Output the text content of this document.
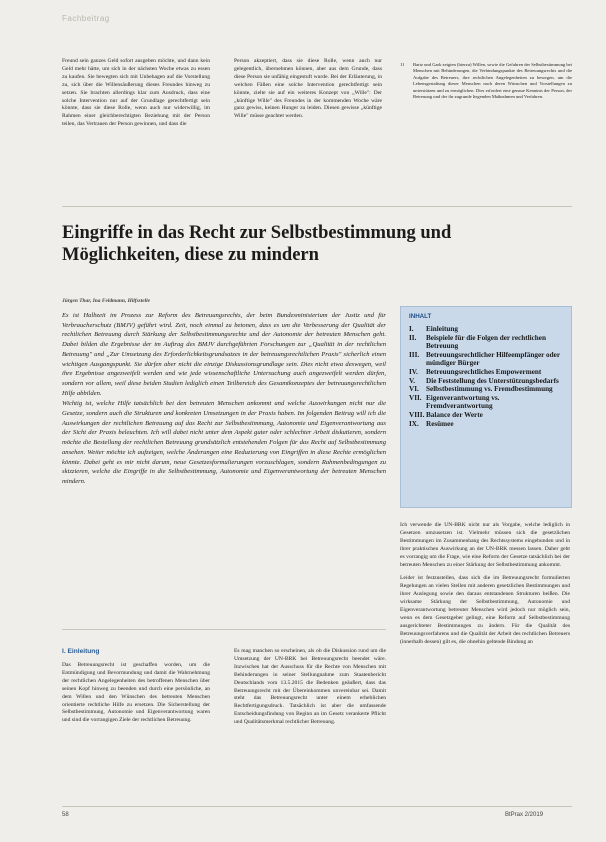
Fachbeitrag
Freund sein ganzes Geld sofort ausgeben möchte, und dann kein Geld mehr hätte, um sich in der nächsten Woche etwas zu essen zu kaufen. Sie bewegten sich mit Unbehagen auf die Vorstellung zu, sich über die Willensäußerung dieses Freundes hinweg zu setzen. Sie brachten allerdings klar zum Ausdruck, dass eine solche Intervention nur auf der Grundlage gerechtfertigt sein könnte, dass sie diese Rolle, wenn auch nur widerwillig, im Rahmen einer gleichberechtigten Beziehung mit der Person teilen, das Vertrauen der Person gewinnen, und dass die
Person akzeptiert, dass sie diese Rolle, wenn auch nur gelegentlich, übernehmen können, aber aus dem Grunde, dass diese Person sie unfähig eingestuft wurde. Bei der Erläuterung, in welchen Fällen eine solche Intervention gerechtfertigt sein könnte, zielte sie auf ein weiteres Konzept von „Wille": Der „künftige Wille" des Freundes in der kommenden Woche wäre ganz gewiss, keinen Hunger zu leiden. Diesen gewisse „künftige Wille" müsse geachtet werden.
11	Bartz und Gark zeigten (hierzu) Willen, sowie die Gefahren der Selbstbestimmung bei Menschen mit Behinderungen, die Verbindungspunkte des Betreuungsrechts und die Aufgabe des Betreuers, ihre rechtlichen Angelegenheiten zu besorgen, um die Lebensgestaltung dieser Menschen nach deren Wünschen und Vorstellungen zu unterstützen und zu ermöglichen. Dies erfordert eine genaue Kenntnis der Person, der Betreuung und der ihr zugrunde liegenden Maßnahmen und Verfahren.
Eingriffe in das Recht zur Selbstbestimmung und Möglichkeiten, diese zu mindern
Jürgen Thar, Ina Feldmann, Hilfsstelle

Es ist Halbzeit im Prozess zur Reform des Betreuungsrechts, der beim Bundesministerium der Justiz und für Verbraucherschutz (BMJV) geführt wird. Zeit, noch einmal zu betonen, dass es um die Verbesserung der Qualität der rechtlichen Betreuung durch Stärkung der Selbstbestimmungsrechte und der Autonomie der betreuten Menschen geht. Dabei bilden die Ergebnisse der im Auftrag des BMJV durchgeführten Forschungen zur „Qualität in der rechtlichen Betreuung" und „Zur Umsetzung des Erforderlichkeitsgrundsatzes in der betreuungsrechtlichen Praxis" sicherlich einen wichtigen Ausgangspunkt. Sie dürfen aber nicht die einzige Diskussionsgrundlage sein. Dies nicht etwa deswegen, weil ihre Ergebnisse angezweifelt werden und wie jede wissenschaftliche Untersuchung auch angezweifelt werden dürfen, sondern vor allem, weil diese beiden Studien lediglich einen Teilbereich des Gesamtkonzeptes der betreuungsrechtlichen Hilfe abbilden.

Wichtig ist, welche Hilfe tatsächlich bei den betreuten Menschen ankommt und welche Auswirkungen nicht nur die Gesetze, sondern auch die Strukturen und konkreten Umsetzungen in der Praxis haben. Im folgenden Beitrag will ich die Auswirkungen der rechtlichen Betreuung auf das Recht zur Selbstbestimmung, Autonomie und Eigenverantwortung aus der Sicht der Praxis beleuchten. Ich will dabei nicht unter dem Aspekt guter oder schlechter Arbeit diskutieren, sondern möchte die Bestellung der rechtlichen Betreuung grundsätzlich entstehenden Folgen für das Recht auf Selbstbestimmung ansehen. Weiter möchte ich aufzeigen, welche Änderungen eine Reduzierung von Eingriffen in diese Rechte ermöglichen könnte. Dabei geht es mir nicht darum, neue Gesetzesformulierungen vorzuschlagen, sondern Rahmenbedingungen zu skizzieren, welche die Eingriffe in die Selbstbestimmung, Autonomie und Eigenverantwortung der betreuten Menschen mindern.

INHALT
I.	Einleitung
II.	Beispiele für die Folgen der rechtlichen Betreuung
III. Betreuungsrechtlicher Hilfeempfänger oder mündiger Bürger
IV.	Betreuungsrechtliches Empowerment
V.	Die Feststellung des Unterstützungsbedarfs
VI.	Selbstbestimmung vs. Fremdbestimmung
VII. Eigenverantwortung vs. Fremdverantwortung
VIII. Balance der Werte
IX.	Resümee

Ich verwende die UN-BRK nicht nur als Vorgabe, welche lediglich in Gesetzen umzusetzen ist. Vielmehr müssen sich die gesetzlichen Bestimmungen im Zusammenhang des Rechtssystems eingebunden und in ihrer praktischen Auswirkung an der UN-BRK messen lassen. Daher geht es vorrangig um die Frage, wie eine Reform der Gesetze tatsächlich bei der betreuten Menschen zu einer Stärkung der Selbstbestimmung ankommt.

Leider ist festzustellen, dass sich die im Betreuungsrecht formulierten Regelungen an vielen Stellen mit anderen gesetzlichen Bestimmungen und ihrer Auslegung sowie den daraus entstandenen Strukturen beißen. Die wirksame Stärkung der Selbstbestimmung, Autonomie und Eigenverantwortung betreuter Menschen wird jedoch nur möglich sein, wenn es dem Gesetzgeber gelingt, eine Reform auf Selbstbestimmung ausgerichteter Bestimmungen zu ändern. Für die Qualität des Betreuungsverfahrens und die Qualität der Arbeit des rechtlichen Betreuers (innerhalb dessen) gilt es, die ohnehin geltende Bindung an

I. Einleitung
Das Betreuungsrecht ist geschaffen worden, um die Entmündigung und Bevormundung und damit die Wahrnehmung der rechtlichen Angelegenheiten des betroffenen Menschen über seinen Kopf hinweg zu beenden und durch eine persönliche, an dem Willen und den Wünschen des betreuten Menschen orientierte rechtliche Hilfe zu ersetzen. Die Sicherstellung der Selbstbestimmung, Autonomie und Eigenverantwortung waren und sind die vorrangigen Ziele der rechtlichen Betreuung.
Es mag manchen so erscheinen, als ob die Diskussion rund um die Umsetzung der UN-BRK bei Betreuungsrecht beendet wäre. Inzwischen hat der Ausschuss für die Rechte von Menschen mit Behinderungen in seiner Stellungnahme zum Staatenbericht Deutschlands vom 13.5.2015 die Bedenken geäußert, dass das Betreuungsrecht mit der Übereinkommen unvereinbar sei. Damit steht das Betreuungsrecht unter einem erheblichen Rechtfertigungsdruck. Tatsächlich ist aber die umfassende Entscheidungsfindung von Beginn an im Gesetz verankerte Pflicht und Qualitätsmerkmal rechtlicher Betreuung.
58	BtPrax 2/2019
